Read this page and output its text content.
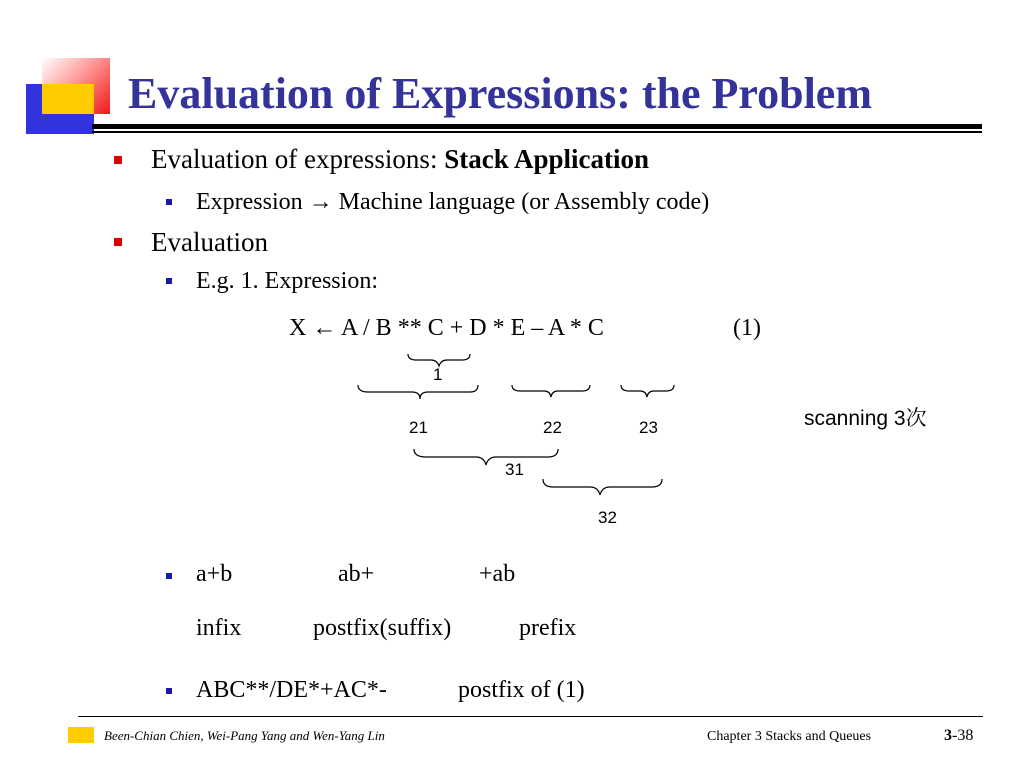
Evaluation of Expressions: the Problem
Evaluation of expressions: Stack Application
Expression → Machine language (or Assembly code)
Evaluation
E.g. 1. Expression:
X ← A / B ** C + D * E – A * C	(1)
1
21	22	23
31
32
scanning 3次
a+b	ab+	+ab
infix	postfix(suffix)	prefix
ABC**/DE*+AC*-	postfix of (1)
Been-Chian Chien, Wei-Pang Yang and Wen-Yang Lin	Chapter 3 Stacks and Queues	3-38
